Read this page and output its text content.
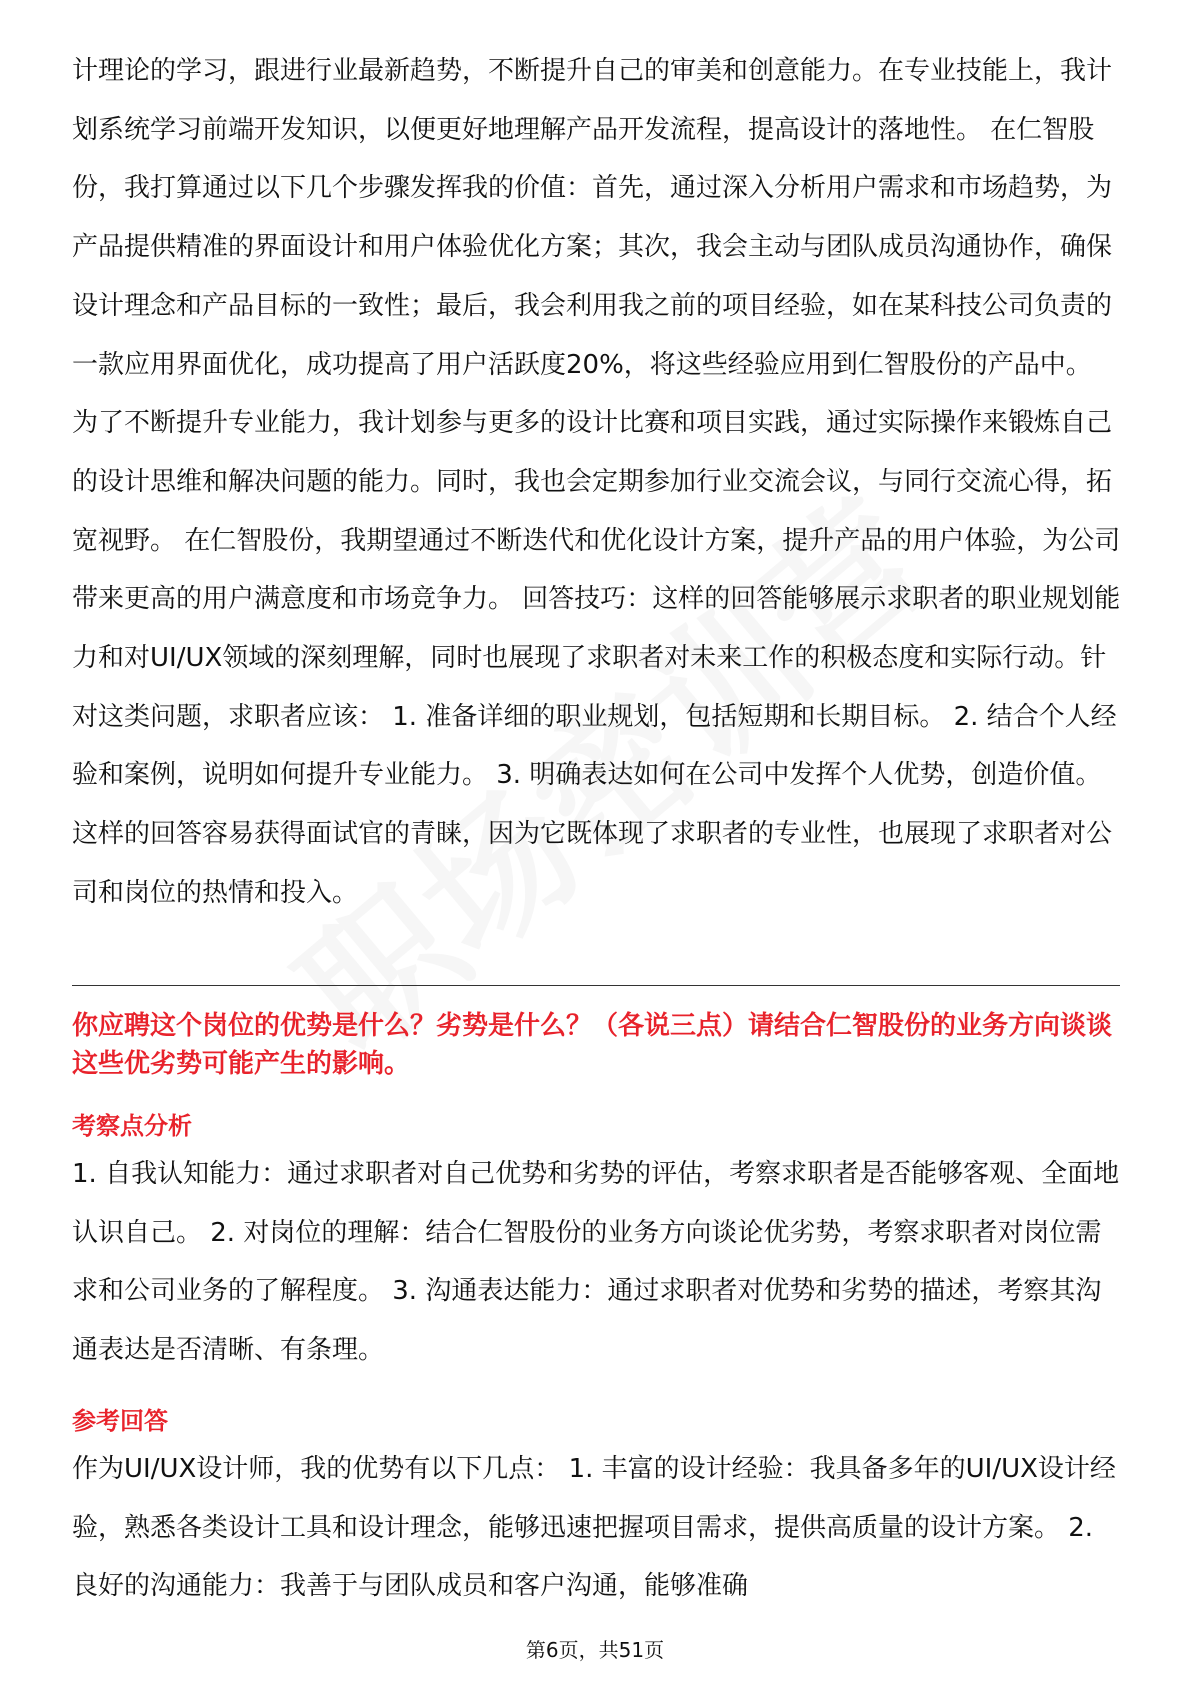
计理论的学习，跟进行业最新趋势，不断提升自己的审美和创意能力。在专业技能上，我计划系统学习前端开发知识，以便更好地理解产品开发流程，提高设计的落地性。 在仁智股份，我打算通过以下几个步骤发挥我的价值：首先，通过深入分析用户需求和市场趋势，为产品提供精准的界面设计和用户体验优化方案；其次，我会主动与团队成员沟通协作，确保设计理念和产品目标的一致性；最后，我会利用我之前的项目经验，如在某科技公司负责的一款应用界面优化，成功提高了用户活跃度20%，将这些经验应用到仁智股份的产品中。 为了不断提升专业能力，我计划参与更多的设计比赛和项目实践，通过实际操作来锻炼自己的设计思维和解决问题的能力。同时，我也会定期参加行业交流会议，与同行交流心得，拓宽视野。 在仁智股份，我期望通过不断迭代和优化设计方案，提升产品的用户体验，为公司带来更高的用户满意度和市场竞争力。 回答技巧：这样的回答能够展示求职者的职业规划能力和对UI/UX领域的深刻理解，同时也展现了求职者对未来工作的积极态度和实际行动。针对这类问题，求职者应该： 1. 准备详细的职业规划，包括短期和长期目标。 2. 结合个人经验和案例，说明如何提升专业能力。 3. 明确表达如何在公司中发挥个人优势，创造价值。 这样的回答容易获得面试官的青睐，因为它既体现了求职者的专业性，也展现了求职者对公司和岗位的热情和投入。

你应聘这个岗位的优势是什么？劣势是什么？（各说三点）请结合仁智股份的业务方向谈谈这些优劣势可能产生的影响。

考察点分析

1. 自我认知能力：通过求职者对自己优势和劣势的评估，考察求职者是否能够客观、全面地认识自己。 2. 对岗位的理解：结合仁智股份的业务方向谈论优劣势，考察求职者对岗位需求和公司业务的了解程度。 3. 沟通表达能力：通过求职者对优势和劣势的描述，考察其沟通表达是否清晰、有条理。

参考回答

作为UI/UX设计师，我的优势有以下几点： 1. 丰富的设计经验：我具备多年的UI/UX设计经验，熟悉各类设计工具和设计理念，能够迅速把握项目需求，提供高质量的设计方案。 2. 良好的沟通能力：我善于与团队成员和客户沟通，能够准确

第6页，共51页
